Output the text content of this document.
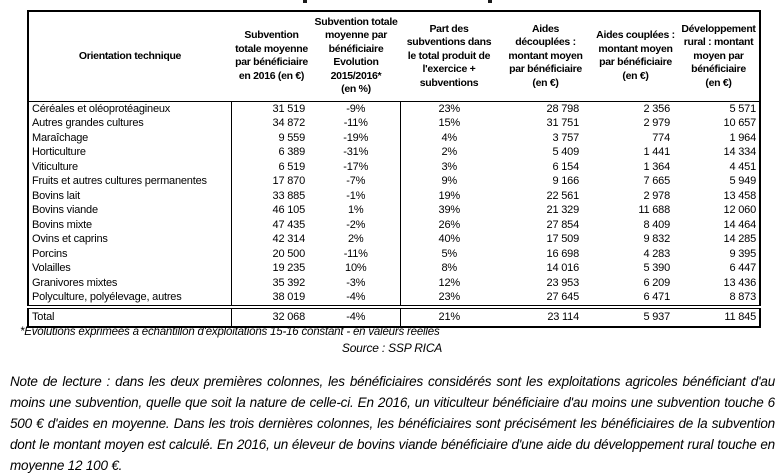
Orientation technique	Subvention
totale moyenne
par bénéficiaire
en 2016 (en €)	Subvention totale
moyenne par
bénéficiaire
Evolution
2015/2016*
(en %)	Part des
subventions dans
le total produit de
l'exercice +
subventions	Aides
découplées :
montant moyen
par bénéficiaire
(en €)	Aides couplées :
montant moyen
par bénéficiaire
(en €)	Développement
rural : montant
moyen par
bénéficiaire
(en €)
Céréales et oléoprotéagineux	31 519	-9%	23%	28 798	2 356	5 571
Autres grandes cultures	34 872	-11%	15%	31 751	2 979	10 657
Maraîchage	9 559	-19%	4%	3 757	774	1 964
Horticulture	6 389	-31%	2%	5 409	1 441	14 334
Viticulture	6 519	-17%	3%	6 154	1 364	4 451
Fruits et autres cultures permanentes	17 870	-7%	9%	9 166	7 665	5 949
Bovins lait	33 885	-1%	19%	22 561	2 978	13 458
Bovins viande	46 105	1%	39%	21 329	11 688	12 060
Bovins mixte	47 435	-2%	26%	27 854	8 409	14 464
Ovins et caprins	42 314	2%	40%	17 509	9 832	14 285
Porcins	20 500	-11%	5%	16 698	4 283	9 395
Volailles	19 235	10%	8%	14 016	5 390	6 447
Granivores mixtes	35 392	-3%	12%	23 953	6 209	13 436
Polyculture, polyélevage, autres	38 019	-4%	23%	27 645	6 471	8 873
Total	32 068	-4%	21%	23 114	5 937	11 845
*Evolutions exprimées à échantillon d'exploitations 15-16 constant - en valeurs réelles
Source : SSP RICA
Note de lecture : dans les deux premières colonnes, les bénéficiaires considérés sont les exploitations agricoles bénéficiant d'au moins une subvention, quelle que soit la nature de celle-ci. En 2016, un viticulteur bénéficiaire d'au moins une subvention touche 6 500 € d'aides en moyenne. Dans les trois dernières colonnes, les bénéficiaires sont précisément les bénéficiaires de la subvention dont le montant moyen est calculé. En 2016, un éleveur de bovins viande bénéficiaire d'une aide du développement rural touche en moyenne 12 100 €.
